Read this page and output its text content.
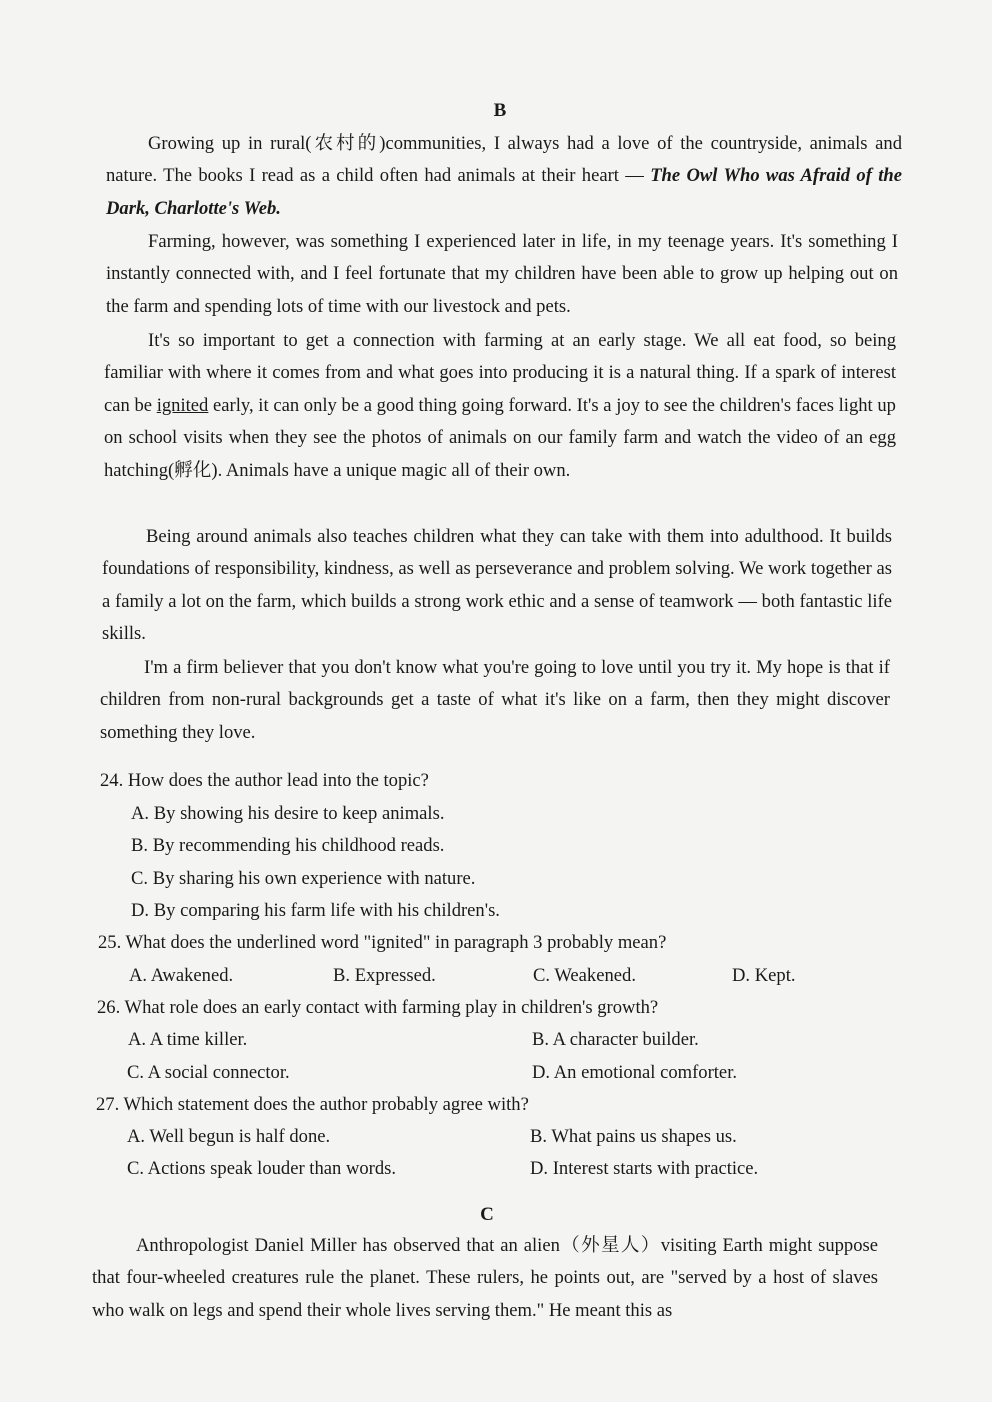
B

Growing up in rural(农村的)communities, I always had a love of the countryside, animals and nature. The books I read as a child often had animals at their heart — The Owl Who was Afraid of the Dark, Charlotte's Web.

Farming, however, was something I experienced later in life, in my teenage years. It's something I instantly connected with, and I feel fortunate that my children have been able to grow up helping out on the farm and spending lots of time with our livestock and pets.

It's so important to get a connection with farming at an early stage. We all eat food, so being familiar with where it comes from and what goes into producing it is a natural thing. If a spark of interest can be ignited early, it can only be a good thing going forward. It's a joy to see the children's faces light up on school visits when they see the photos of animals on our family farm and watch the video of an egg hatching(孵化). Animals have a unique magic all of their own.

Being around animals also teaches children what they can take with them into adulthood. It builds foundations of responsibility, kindness, as well as perseverance and problem solving. We work together as a family a lot on the farm, which builds a strong work ethic and a sense of teamwork — both fantastic life skills.

I'm a firm believer that you don't know what you're going to love until you try it. My hope is that if children from non-rural backgrounds get a taste of what it's like on a farm, then they might discover something they love.

24. How does the author lead into the topic?
A. By showing his desire to keep animals.
B. By recommending his childhood reads.
C. By sharing his own experience with nature.
D. By comparing his farm life with his children's.
25. What does the underlined word "ignited" in paragraph 3 probably mean?
A. Awakened.	B. Expressed.	C. Weakened.	D. Kept.
26. What role does an early contact with farming play in children's growth?
A. A time killer.	B. A character builder.
C. A social connector.	D. An emotional comforter.
27. Which statement does the author probably agree with?
A. Well begun is half done.	B. What pains us shapes us.
C. Actions speak louder than words.	D. Interest starts with practice.
C

Anthropologist Daniel Miller has observed that an alien（外星人）visiting Earth might suppose that four-wheeled creatures rule the planet. These rulers, he points out, are "served by a host of slaves who walk on legs and spend their whole lives serving them." He meant this as
